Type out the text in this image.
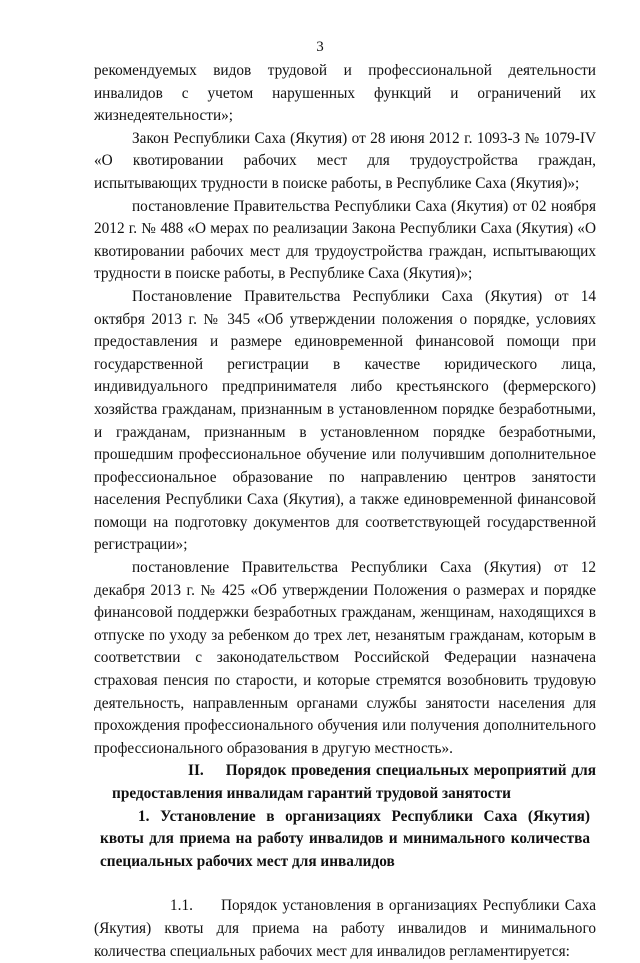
3

рекомендуемых видов трудовой и профессиональной деятельности инвалидов с учетом нарушенных функций и ограничений их жизнедеятельности»;

Закон Республики Саха (Якутия) от 28 июня 2012 г. 1093-З № 1079-IV «О квотировании рабочих мест для трудоустройства граждан, испытывающих трудности в поиске работы, в Республике Саха (Якутия)»;

постановление Правительства Республики Саха (Якутия) от 02 ноября 2012 г. № 488 «О мерах по реализации Закона Республики Саха (Якутия) «О квотировании рабочих мест для трудоустройства граждан, испытывающих трудности в поиске работы, в Республике Саха (Якутия)»;

Постановление Правительства Республики Саха (Якутия) от 14 октября 2013 г. № 345 «Об утверждении положения о порядке, условиях предоставления и размере единовременной финансовой помощи при государственной регистрации в качестве юридического лица, индивидуального предпринимателя либо крестьянского (фермерского) хозяйства гражданам, признанным в установленном порядке безработными, и гражданам, признанным в установленном порядке безработными, прошедшим профессиональное обучение или получившим дополнительное профессиональное образование по направлению центров занятости населения Республики Саха (Якутия), а также единовременной финансовой помощи на подготовку документов для соответствующей государственной регистрации»;

постановление Правительства Республики Саха (Якутия) от 12 декабря 2013 г. № 425 «Об утверждении Положения о размерах и порядке финансовой поддержки безработных гражданам, женщинам, находящихся в отпуске по уходу за ребенком до трех лет, незанятым гражданам, которым в соответствии с законодательством Российской Федерации назначена страховая пенсия по старости, и которые стремятся возобновить трудовую деятельность, направленным органами службы занятости населения для прохождения профессионального обучения или получения дополнительного профессионального образования в другую местность».

II. Порядок проведения специальных мероприятий для предоставления инвалидам гарантий трудовой занятости

1. Установление в организациях Республики Саха (Якутия) квоты для приема на работу инвалидов и минимального количества специальных рабочих мест для инвалидов

1.1. Порядок установления в организациях Республики Саха (Якутия) квоты для приема на работу инвалидов и минимального количества специальных рабочих мест для инвалидов регламентируется:
